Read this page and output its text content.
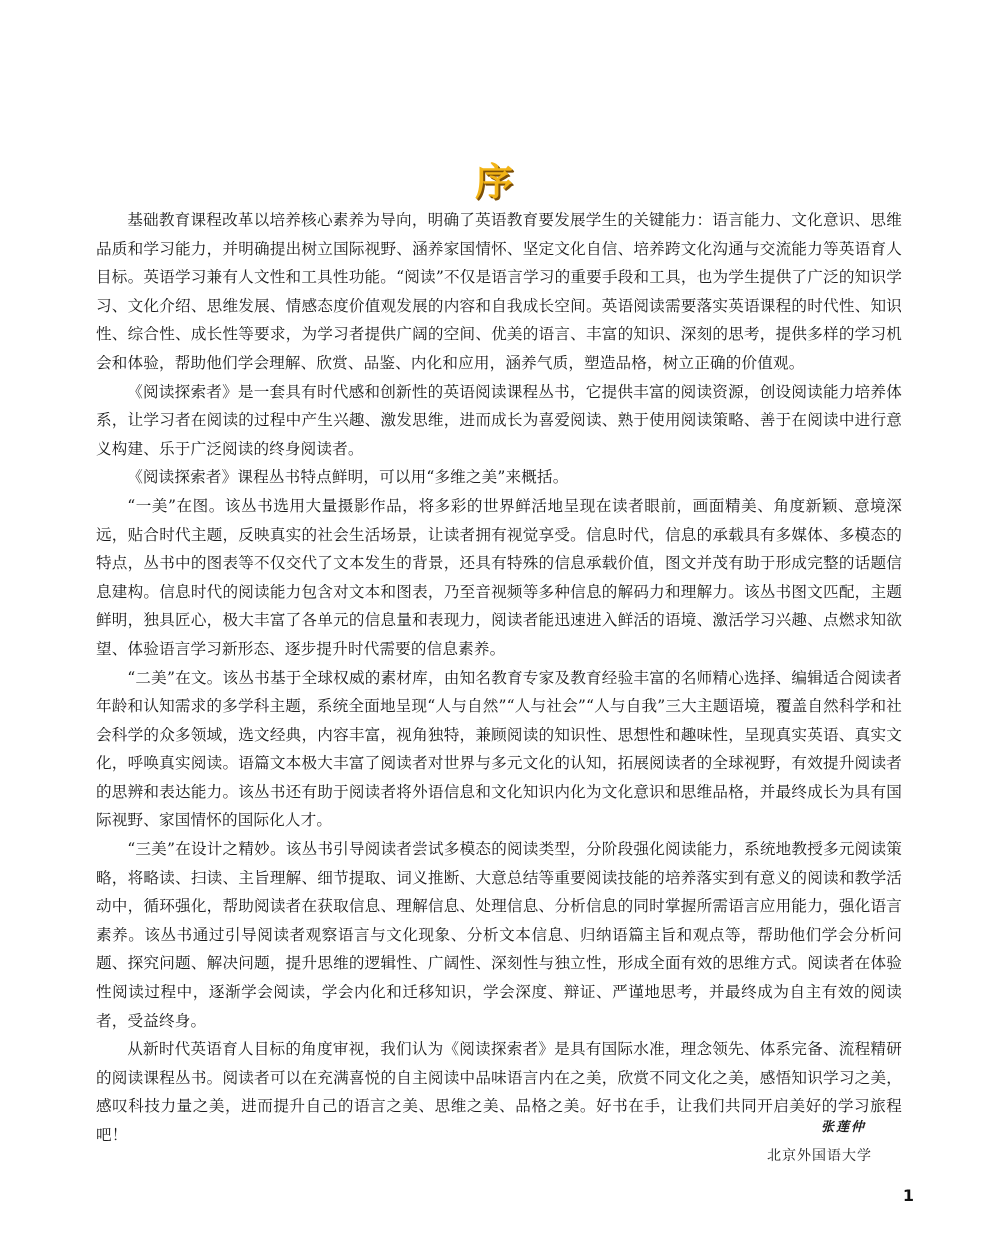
序

基础教育课程改革以培养核心素养为导向，明确了英语教育要发展学生的关键能力：语言能力、文化意识、思维品质和学习能力，并明确提出树立国际视野、涵养家国情怀、坚定文化自信、培养跨文化沟通与交流能力等英语育人目标。英语学习兼有人文性和工具性功能。“阅读”不仅是语言学习的重要手段和工具，也为学生提供了广泛的知识学习、文化介绍、思维发展、情感态度价值观发展的内容和自我成长空间。英语阅读需要落实英语课程的时代性、知识性、综合性、成长性等要求，为学习者提供广阔的空间、优美的语言、丰富的知识、深刻的思考，提供多样的学习机会和体验，帮助他们学会理解、欣赏、品鉴、内化和应用，涵养气质，塑造品格，树立正确的价值观。

《阅读探索者》是一套具有时代感和创新性的英语阅读课程丛书，它提供丰富的阅读资源，创设阅读能力培养体系，让学习者在阅读的过程中产生兴趣、激发思维，进而成长为喜爱阅读、熟于使用阅读策略、善于在阅读中进行意义构建、乐于广泛阅读的终身阅读者。

《阅读探索者》课程丛书特点鲜明，可以用“多维之美”来概括。

“一美”在图。该丛书选用大量摄影作品，将多彩的世界鲜活地呈现在读者眼前，画面精美、角度新颖、意境深远，贴合时代主题，反映真实的社会生活场景，让读者拥有视觉享受。信息时代，信息的承载具有多媒体、多模态的特点，丛书中的图表等不仅交代了文本发生的背景，还具有特殊的信息承载价值，图文并茂有助于形成完整的话题信息建构。信息时代的阅读能力包含对文本和图表，乃至音视频等多种信息的解码力和理解力。该丛书图文匹配，主题鲜明，独具匠心，极大丰富了各单元的信息量和表现力，阅读者能迅速进入鲜活的语境、激活学习兴趣、点燃求知欲望、体验语言学习新形态、逐步提升时代需要的信息素养。

“二美”在文。该丛书基于全球权威的素材库，由知名教育专家及教育经验丰富的名师精心选择、编辑适合阅读者年龄和认知需求的多学科主题，系统全面地呈现“人与自然”“人与社会”“人与自我”三大主题语境，覆盖自然科学和社会科学的众多领域，选文经典，内容丰富，视角独特，兼顾阅读的知识性、思想性和趣味性，呈现真实英语、真实文化，呼唤真实阅读。语篇文本极大丰富了阅读者对世界与多元文化的认知，拓展阅读者的全球视野，有效提升阅读者的思辨和表达能力。该丛书还有助于阅读者将外语信息和文化知识内化为文化意识和思维品格，并最终成长为具有国际视野、家国情怀的国际化人才。

“三美”在设计之精妙。该丛书引导阅读者尝试多模态的阅读类型，分阶段强化阅读能力，系统地教授多元阅读策略，将略读、扫读、主旨理解、细节提取、词义推断、大意总结等重要阅读技能的培养落实到有意义的阅读和教学活动中，循环强化，帮助阅读者在获取信息、理解信息、处理信息、分析信息的同时掌握所需语言应用能力，强化语言素养。该丛书通过引导阅读者观察语言与文化现象、分析文本信息、归纳语篇主旨和观点等，帮助他们学会分析问题、探究问题、解决问题，提升思维的逻辑性、广阔性、深刻性与独立性，形成全面有效的思维方式。阅读者在体验性阅读过程中，逐渐学会阅读，学会内化和迁移知识，学会深度、辩证、严谨地思考，并最终成为自主有效的阅读者，受益终身。

从新时代英语育人目标的角度审视，我们认为《阅读探索者》是具有国际水准，理念领先、体系完备、流程精研的阅读课程丛书。阅读者可以在充满喜悦的自主阅读中品味语言内在之美，欣赏不同文化之美，感悟知识学习之美，感叹科技力量之美，进而提升自己的语言之美、思维之美、品格之美。好书在手，让我们共同开启美好的学习旅程吧！	张莲仲
北京外国语大学
1
